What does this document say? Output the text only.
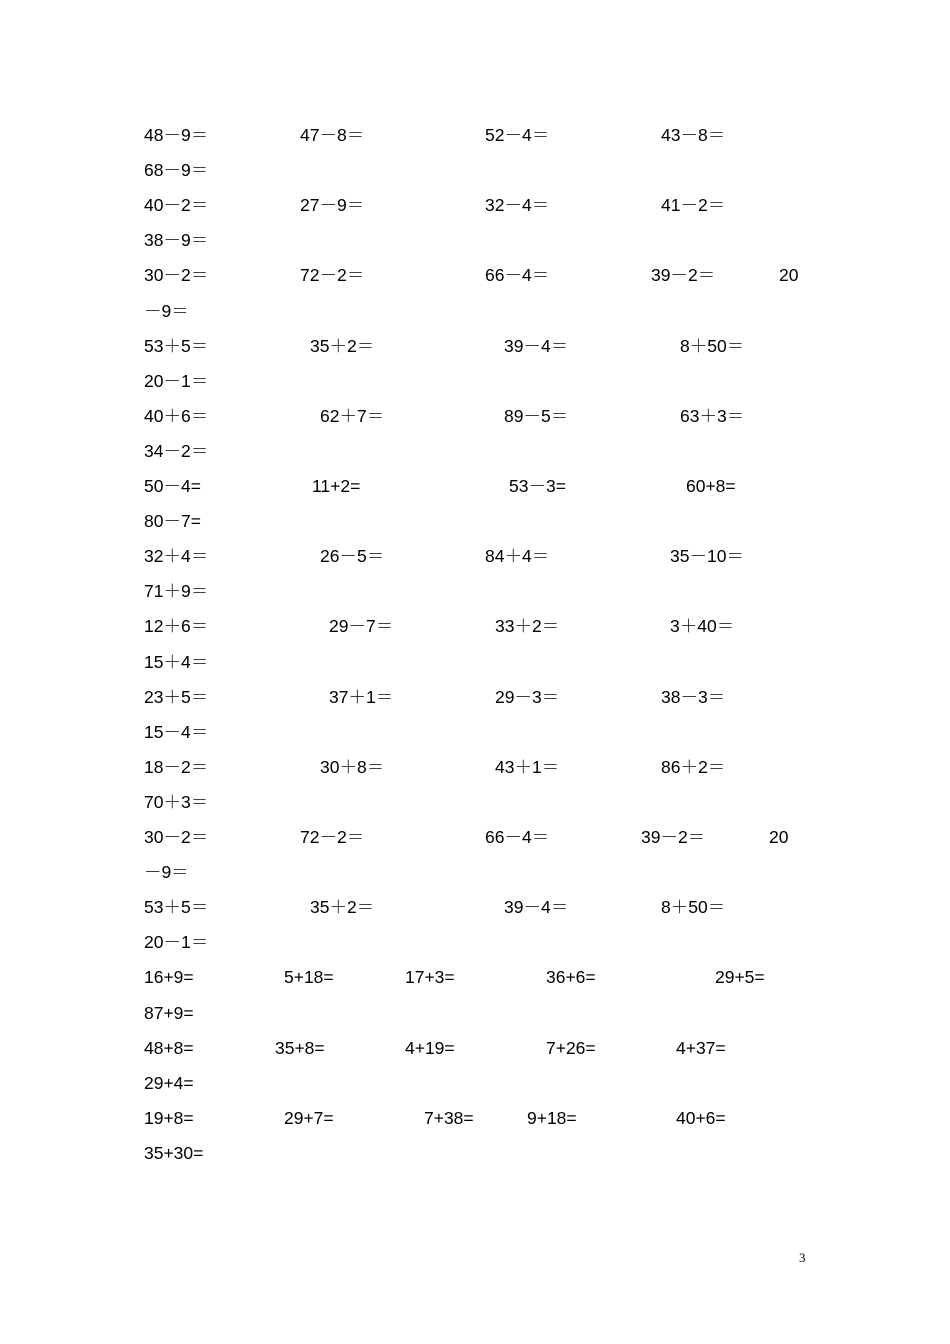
48－9＝	47－8＝	52－4＝	43－8＝
68－9＝
40－2＝	27－9＝	32－4＝	41－2＝
38－9＝
30－2＝	72－2＝	66－4＝	39－2＝	20
－9＝
53＋5＝	35＋2＝	39－4＝	8＋50＝
20－1＝
40＋6＝	62＋7＝	89－5＝	63＋3＝
34－2＝
50－4=	11+2=	53－3=	60+8=
80－7=
32＋4＝	26－5＝	84＋4＝	35－10＝
71＋9＝
12＋6＝	29－7＝	33＋2＝	3＋40＝
15＋4＝
23＋5＝	37＋1＝	29－3＝	38－3＝
15－4＝
18－2＝	30＋8＝	43＋1＝	86＋2＝
70＋3＝
30－2＝	72－2＝	66－4＝	39－2＝	20
－9＝
53＋5＝	35＋2＝	39－4＝	8＋50＝
20－1＝
16+9=	5+18=	17+3=	36+6=	29+5=
87+9=
48+8=	35+8=	4+19=	7+26=	4+37=
29+4=
19+8=	29+7=	7+38=	9+18=	40+6=
35+30=
3
